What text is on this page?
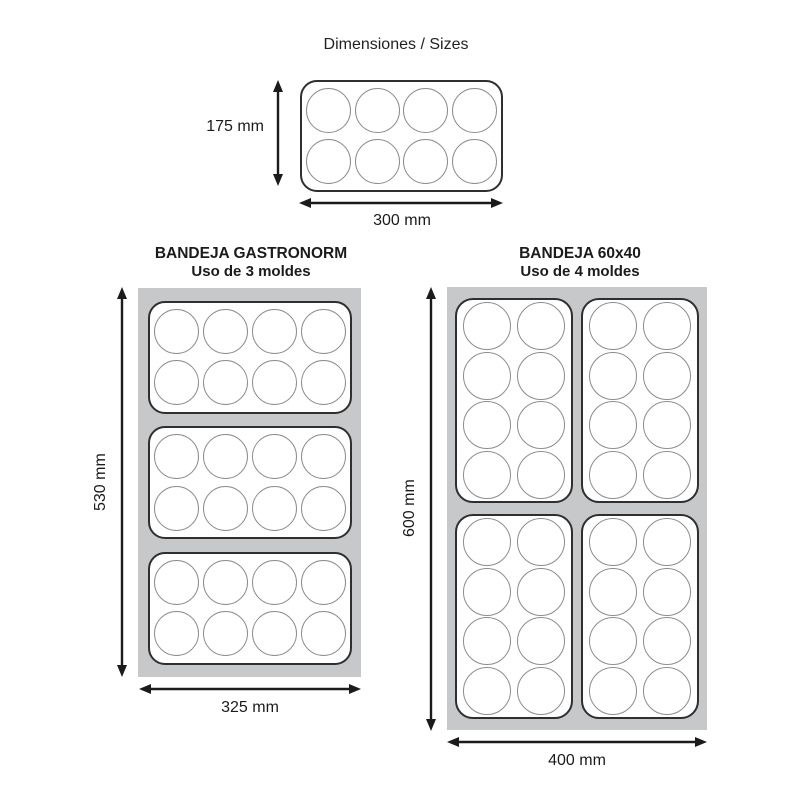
Dimensiones / Sizes
175 mm
300 mm
BANDEJA GASTRONORM
Uso de 3 moldes
530 mm
325 mm
BANDEJA 60x40
Uso de 4 moldes
600 mm
400 mm
